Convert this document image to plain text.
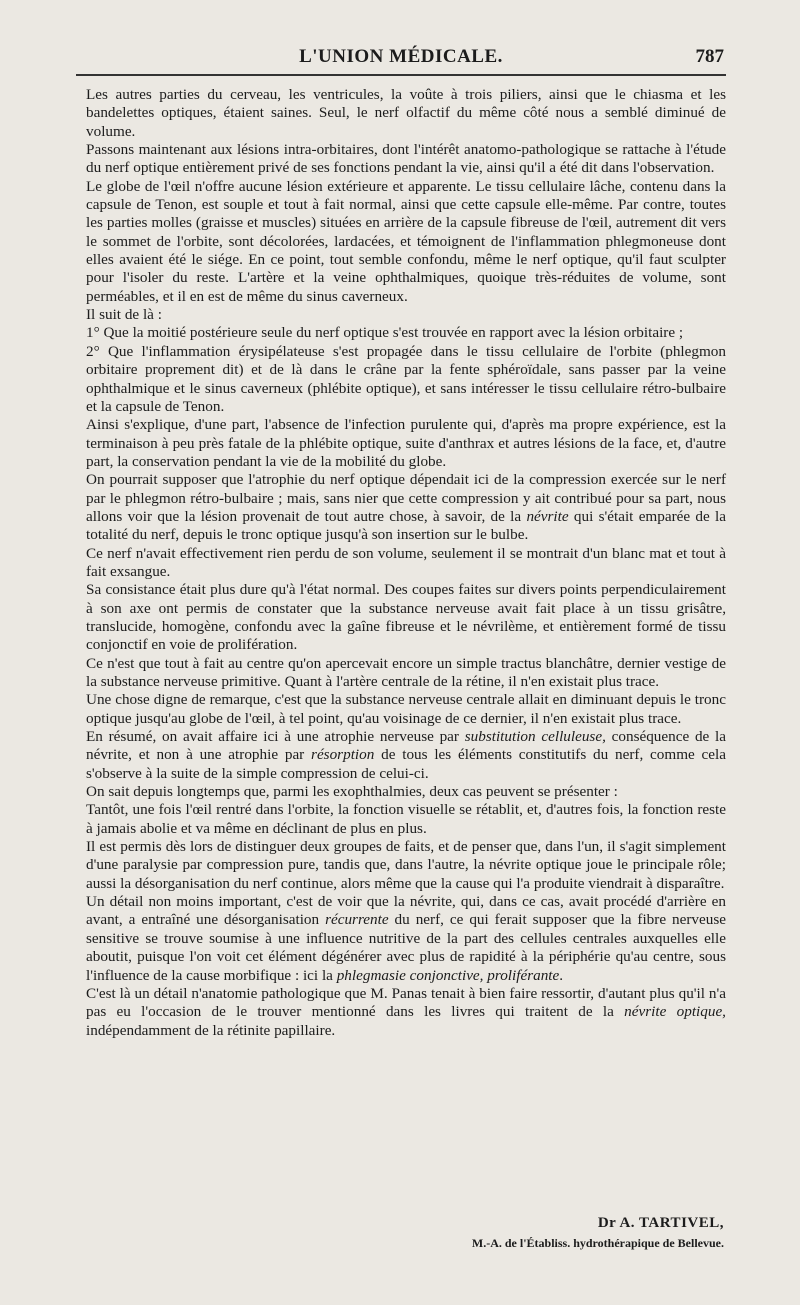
L'UNION MÉDICALE.	787

Les autres parties du cerveau, les ventricules, la voûte à trois piliers, ainsi que le chiasma et les bandelettes optiques, étaient saines. Seul, le nerf olfactif du même côté nous a semblé diminué de volume.

Passons maintenant aux lésions intra-orbitaires, dont l'intérêt anatomo-pathologique se rattache à l'étude du nerf optique entièrement privé de ses fonctions pendant la vie, ainsi qu'il a été dit dans l'observation.

Le globe de l'œil n'offre aucune lésion extérieure et apparente. Le tissu cellulaire lâche, contenu dans la capsule de Tenon, est souple et tout à fait normal, ainsi que cette capsule elle-même. Par contre, toutes les parties molles (graisse et muscles) situées en arrière de la capsule fibreuse de l'œil, autrement dit vers le sommet de l'orbite, sont décolorées, lardacées, et témoignent de l'inflammation phlegmoneuse dont elles avaient été le siége. En ce point, tout semble confondu, même le nerf optique, qu'il faut sculpter pour l'isoler du reste. L'artère et la veine ophthalmiques, quoique très-réduites de volume, sont perméables, et il en est de même du sinus caverneux.

Il suit de là :

1° Que la moitié postérieure seule du nerf optique s'est trouvée en rapport avec la lésion orbitaire ;

2° Que l'inflammation érysipélateuse s'est propagée dans le tissu cellulaire de l'orbite (phlegmon orbitaire proprement dit) et de là dans le crâne par la fente sphéroïdale, sans passer par la veine ophthalmique et le sinus caverneux (phlébite optique), et sans intéresser le tissu cellulaire rétro-bulbaire et la capsule de Tenon.

Ainsi s'explique, d'une part, l'absence de l'infection purulente qui, d'après ma propre expérience, est la terminaison à peu près fatale de la phlébite optique, suite d'anthrax et autres lésions de la face, et, d'autre part, la conservation pendant la vie de la mobilité du globe.

On pourrait supposer que l'atrophie du nerf optique dépendait ici de la compression exercée sur le nerf par le phlegmon rétro-bulbaire ; mais, sans nier que cette compression y ait contribué pour sa part, nous allons voir que la lésion provenait de tout autre chose, à savoir, de la névrite qui s'était emparée de la totalité du nerf, depuis le tronc optique jusqu'à son insertion sur le bulbe.

Ce nerf n'avait effectivement rien perdu de son volume, seulement il se montrait d'un blanc mat et tout à fait exsangue.

Sa consistance était plus dure qu'à l'état normal. Des coupes faites sur divers points perpendiculairement à son axe ont permis de constater que la substance nerveuse avait fait place à un tissu grisâtre, translucide, homogène, confondu avec la gaîne fibreuse et le névrilème, et entièrement formé de tissu conjonctif en voie de prolifération.

Ce n'est que tout à fait au centre qu'on apercevait encore un simple tractus blanchâtre, dernier vestige de la substance nerveuse primitive. Quant à l'artère centrale de la rétine, il n'en existait plus trace.

Une chose digne de remarque, c'est que la substance nerveuse centrale allait en diminuant depuis le tronc optique jusqu'au globe de l'œil, à tel point, qu'au voisinage de ce dernier, il n'en existait plus trace.

En résumé, on avait affaire ici à une atrophie nerveuse par substitution celluleuse, conséquence de la névrite, et non à une atrophie par résorption de tous les éléments constitutifs du nerf, comme cela s'observe à la suite de la simple compression de celui-ci.

On sait depuis longtemps que, parmi les exophthalmies, deux cas peuvent se présenter :

Tantôt, une fois l'œil rentré dans l'orbite, la fonction visuelle se rétablit, et, d'autres fois, la fonction reste à jamais abolie et va même en déclinant de plus en plus.

Il est permis dès lors de distinguer deux groupes de faits, et de penser que, dans l'un, il s'agit simplement d'une paralysie par compression pure, tandis que, dans l'autre, la névrite optique joue le principale rôle; aussi la désorganisation du nerf continue, alors même que la cause qui l'a produite viendrait à disparaître.

Un détail non moins important, c'est de voir que la névrite, qui, dans ce cas, avait procédé d'arrière en avant, a entraîné une désorganisation récurrente du nerf, ce qui ferait supposer que la fibre nerveuse sensitive se trouve soumise à une influence nutritive de la part des cellules centrales auxquelles elle aboutit, puisque l'on voit cet élément dégénérer avec plus de rapidité à la périphérie qu'au centre, sous l'influence de la cause morbifique : ici la phlegmasie conjonctive, proliférante.

C'est là un détail n'anatomie pathologique que M. Panas tenait à bien faire ressortir, d'autant plus qu'il n'a pas eu l'occasion de le trouver mentionné dans les livres qui traitent de la névrite optique, indépendamment de la rétinite papillaire.

Dr A. TARTIVEL,
M.-A. de l'Établiss. hydrothérapique de Bellevue.
